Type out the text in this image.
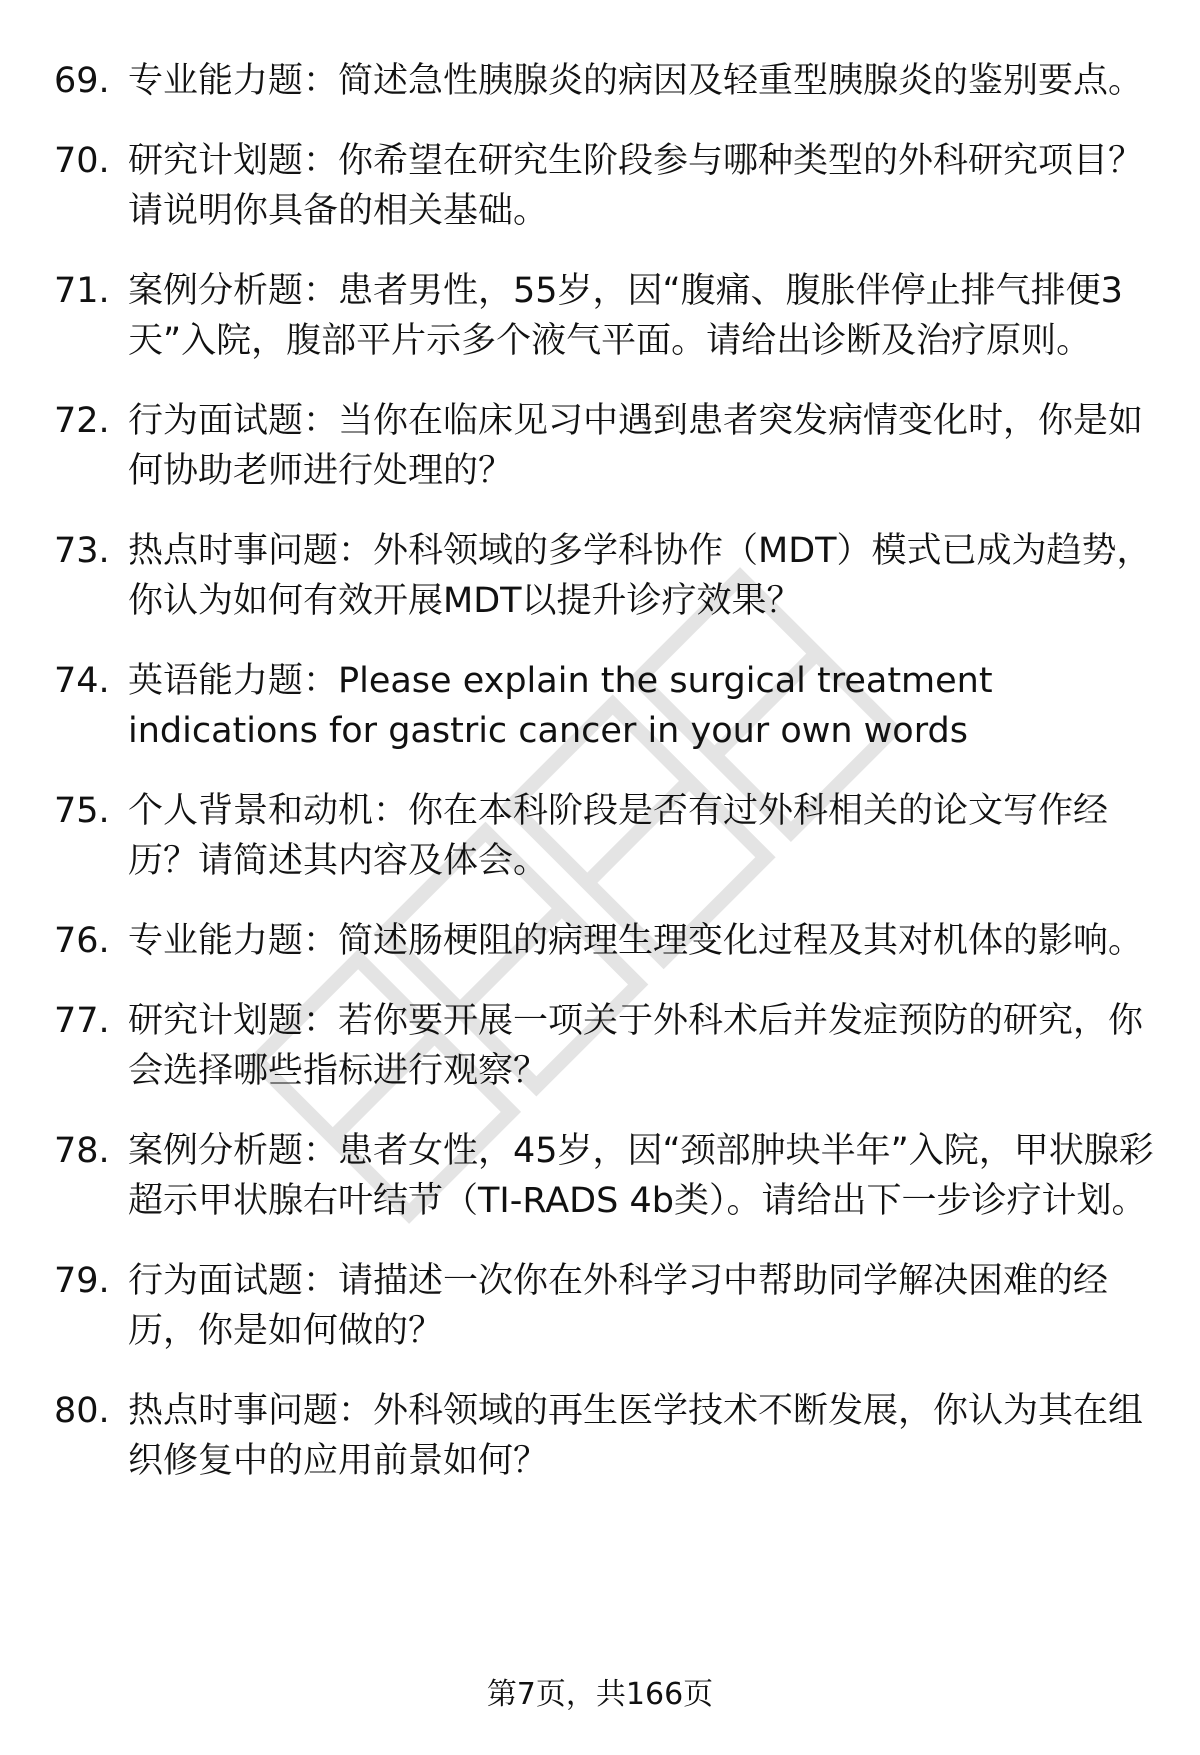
69. 专业能力题：简述急性胰腺炎的病因及轻重型胰腺炎的鉴别要点。
70. 研究计划题：你希望在研究生阶段参与哪种类型的外科研究项目？请说明你具备的相关基础。
71. 案例分析题：患者男性，55岁，因“腹痛、腹胀伴停止排气排便3天”入院，腹部平片示多个液气平面。请给出诊断及治疗原则。
72. 行为面试题：当你在临床见习中遇到患者突发病情变化时，你是如何协助老师进行处理的？
73. 热点时事问题：外科领域的多学科协作（MDT）模式已成为趋势，你认为如何有效开展MDT以提升诊疗效果？
74. 英语能力题：Please explain the surgical treatment indications for gastric cancer in your own words
75. 个人背景和动机：你在本科阶段是否有过外科相关的论文写作经历？请简述其内容及体会。
76. 专业能力题：简述肠梗阻的病理生理变化过程及其对机体的影响。
77. 研究计划题：若你要开展一项关于外科术后并发症预防的研究，你会选择哪些指标进行观察？
78. 案例分析题：患者女性，45岁，因“颈部肿块半年”入院，甲状腺彩超示甲状腺右叶结节（TI-RADS 4b类）。请给出下一步诊疗计划。
79. 行为面试题：请描述一次你在外科学习中帮助同学解决困难的经历，你是如何做的？
80. 热点时事问题：外科领域的再生医学技术不断发展，你认为其在组织修复中的应用前景如何？
第7页，共166页
